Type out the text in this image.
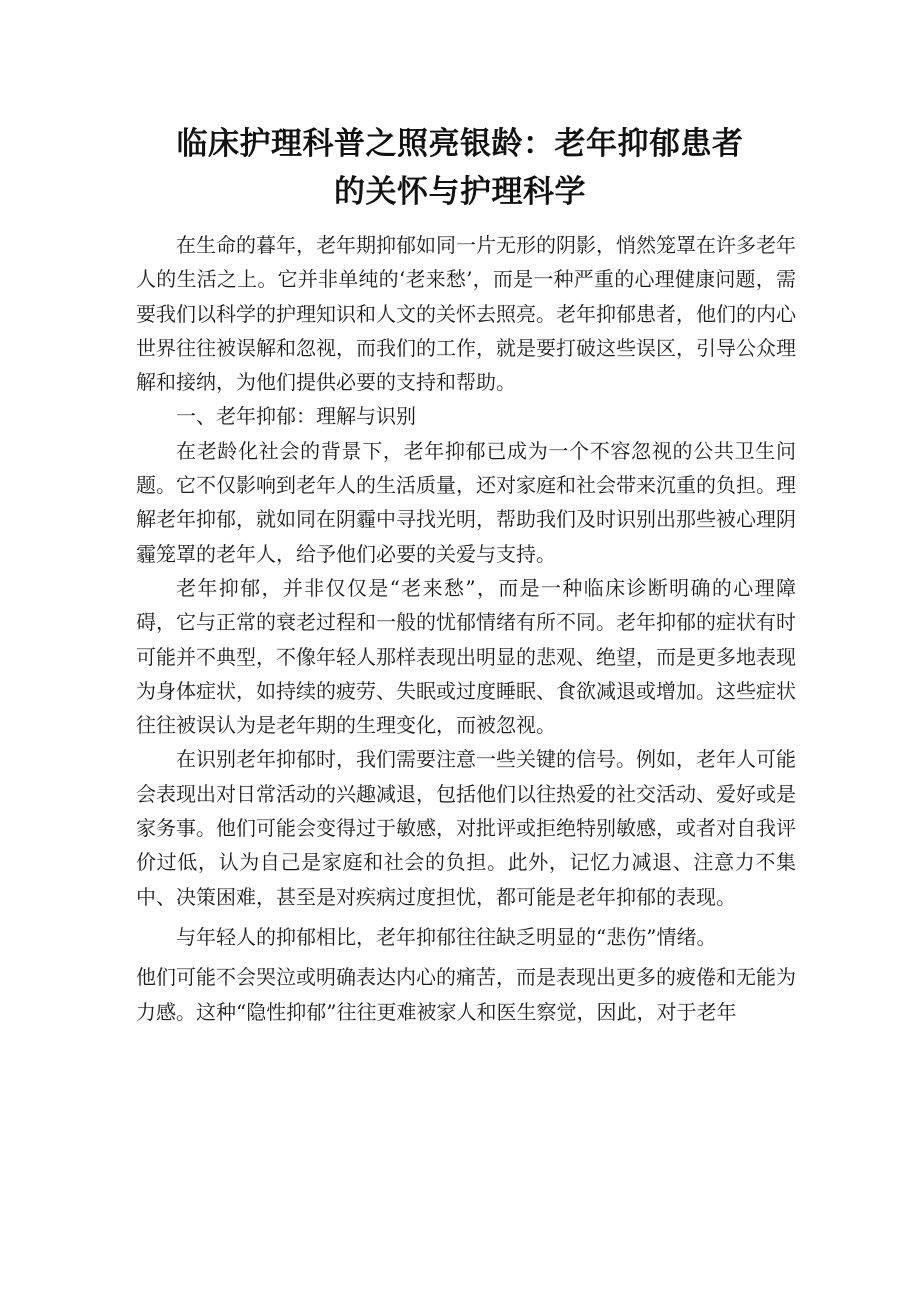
临床护理科普之照亮银龄：老年抑郁患者
的关怀与护理科学

在生命的暮年，老年期抑郁如同一片无形的阴影，悄然笼罩在许多老年人的生活之上。它并非单纯的‘老来愁’，而是一种严重的心理健康问题，需要我们以科学的护理知识和人文的关怀去照亮。老年抑郁患者，他们的内心世界往往被误解和忽视，而我们的工作，就是要打破这些误区，引导公众理解和接纳，为他们提供必要的支持和帮助。

一、老年抑郁：理解与识别

在老龄化社会的背景下，老年抑郁已成为一个不容忽视的公共卫生问题。它不仅影响到老年人的生活质量，还对家庭和社会带来沉重的负担。理解老年抑郁，就如同在阴霾中寻找光明，帮助我们及时识别出那些被心理阴霾笼罩的老年人，给予他们必要的关爱与支持。

老年抑郁，并非仅仅是“老来愁”，而是一种临床诊断明确的心理障碍，它与正常的衰老过程和一般的忧郁情绪有所不同。老年抑郁的症状有时可能并不典型，不像年轻人那样表现出明显的悲观、绝望，而是更多地表现为身体症状，如持续的疲劳、失眠或过度睡眠、食欲减退或增加。这些症状往往被误认为是老年期的生理变化，而被忽视。

在识别老年抑郁时，我们需要注意一些关键的信号。例如，老年人可能会表现出对日常活动的兴趣减退，包括他们以往热爱的社交活动、爱好或是家务事。他们可能会变得过于敏感，对批评或拒绝特别敏感，或者对自我评价过低，认为自己是家庭和社会的负担。此外，记忆力减退、注意力不集中、决策困难，甚至是对疾病过度担忧，都可能是老年抑郁的表现。

与年轻人的抑郁相比，老年抑郁往往缺乏明显的“悲伤”情绪。

他们可能不会哭泣或明确表达内心的痛苦，而是表现出更多的疲倦和无能为力感。这种“隐性抑郁”往往更难被家人和医生察觉，因此，对于老年
